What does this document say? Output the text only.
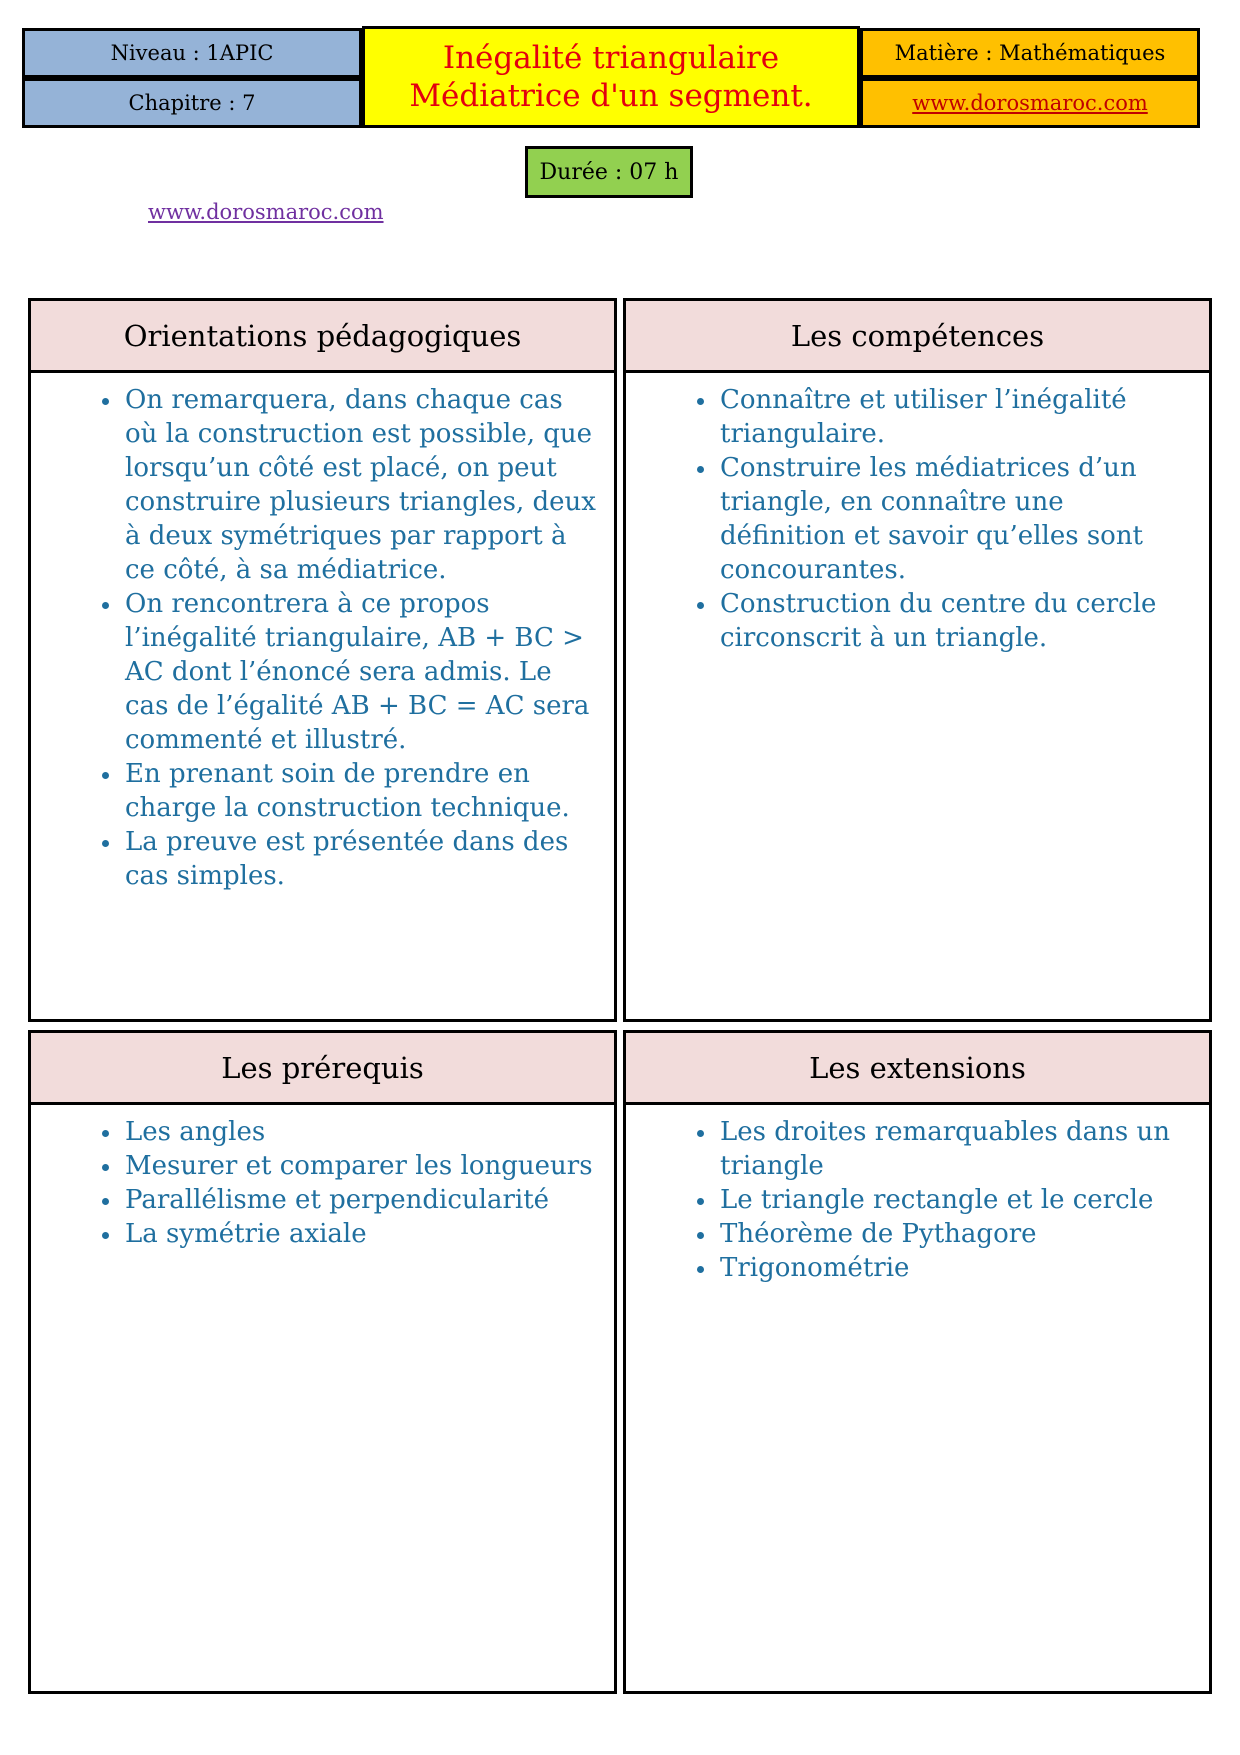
Niveau : 1APIC
Chapitre : 7
Inégalité triangulaire
Médiatrice d'un segment.
Matière : Mathématiques
www.dorosmaroc.com
Durée : 07 h
www.dorosmaroc.com
Orientations pédagogiques
• On remarquera, dans chaque cas où la construction est possible, que lorsqu’un côté est placé, on peut construire plusieurs triangles, deux à deux symétriques par rapport à ce côté, à sa médiatrice.
• On rencontrera à ce propos l’inégalité triangulaire, AB + BC > AC dont l’énoncé sera admis. Le cas de l’égalité AB + BC = AC sera commenté et illustré.
• En prenant soin de prendre en charge la construction technique.
• La preuve est présentée dans des cas simples.
Les compétences
• Connaître et utiliser l’inégalité triangulaire.
• Construire les médiatrices d’un triangle, en connaître une définition et savoir qu’elles sont concourantes.
• Construction du centre du cercle circonscrit à un triangle.
Les prérequis
• Les angles
• Mesurer et comparer les longueurs
• Parallélisme et perpendicularité
• La symétrie axiale
Les extensions
• Les droites remarquables dans un triangle
• Le triangle rectangle et le cercle
• Théorème de Pythagore
• Trigonométrie
